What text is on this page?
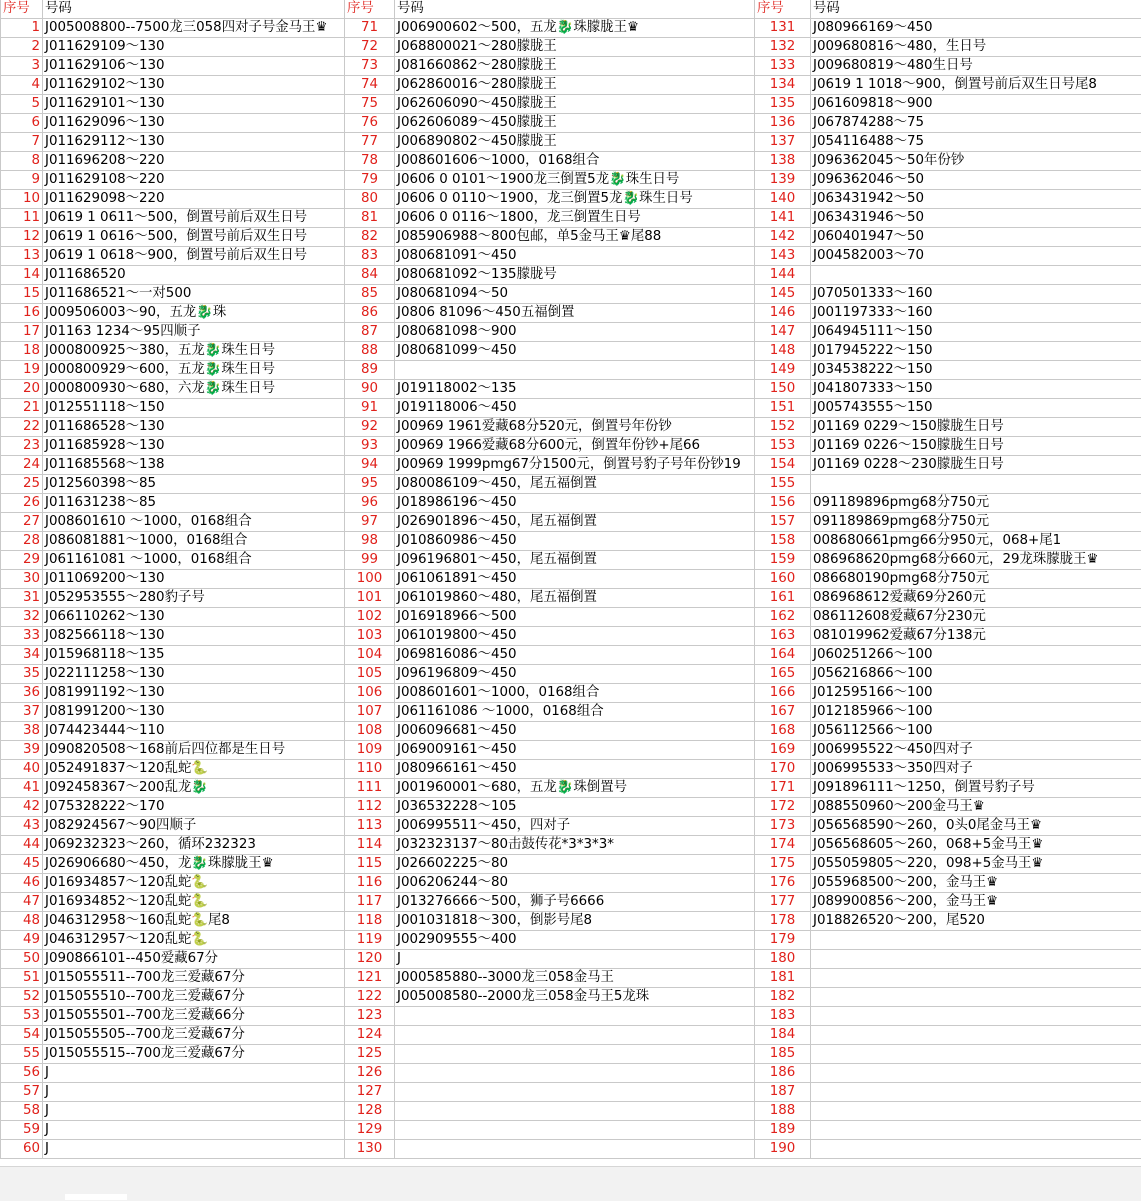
序号	号码	序号	号码	序号	号码
1	J005008800--7500龙三058四对子号金马王♛	71	J006900602～500，五龙🐉珠朦胧王♛	131	J080966169～450
2	J011629109～130	72	J068800021～280朦胧王	132	J009680816～480，生日号
3	J011629106～130	73	J081660862～280朦胧王	133	J009680819～480生日号
4	J011629102～130	74	J062860016～280朦胧王	134	J0619 1 1018～900，倒置号前后双生日号尾8
5	J011629101～130	75	J062606090～450朦胧王	135	J061609818～900
6	J011629096～130	76	J062606089～450朦胧王	136	J067874288～75
7	J011629112～130	77	J006890802～450朦胧王	137	J054116488～75
8	J011696208～220	78	J008601606～1000，0168组合	138	J096362045～50年份钞
9	J011629108～220	79	J0606 0 0101～1900龙三倒置5龙🐉珠生日号	139	J096362046～50
10	J011629098～220	80	J0606 0 0110～1900，龙三倒置5龙🐉珠生日号	140	J063431942～50
11	J0619 1 0611～500，倒置号前后双生日号	81	J0606 0 0116～1800，龙三倒置生日号	141	J063431946～50
12	J0619 1 0616～500，倒置号前后双生日号	82	J085906988～800包邮，单5金马王♛尾88	142	J060401947～50
13	J0619 1 0618～900，倒置号前后双生日号	83	J080681091～450	143	J004582003～70
14	J011686520	84	J080681092～135朦胧号	144	
15	J011686521～一对500	85	J080681094～50	145	J070501333～160
16	J009506003～90，五龙🐉珠	86	J0806 81096～450五福倒置	146	J001197333～160
17	J01163 1234～95四顺子	87	J080681098～900	147	J064945111～150
18	J000800925～380，五龙🐉珠生日号	88	J080681099～450	148	J017945222～150
19	J000800929～600，五龙🐉珠生日号	89		149	J034538222～150
20	J000800930～680，六龙🐉珠生日号	90	J019118002～135	150	J041807333～150
21	J012551118～150	91	J019118006～450	151	J005743555～150
22	J011686528～130	92	J00969 1961爱藏68分520元，倒置号年份钞	152	J01169 0229～150朦胧生日号
23	J011685928～130	93	J00969 1966爱藏68分600元，倒置年份钞+尾66	153	J01169 0226～150朦胧生日号
24	J011685568～138	94	J00969 1999pmg67分1500元，倒置号豹子号年份钞19	154	J01169 0228～230朦胧生日号
25	J012560398～85	95	J080086109～450，尾五福倒置	155	
26	J011631238～85	96	J018986196～450	156	091189896pmg68分750元
27	J008601610 ～1000，0168组合	97	J026901896～450，尾五福倒置	157	091189869pmg68分750元
28	J086081881～1000，0168组合	98	J010860986～450	158	008680661pmg66分950元，068+尾1
29	J061161081 ～1000，0168组合	99	J096196801～450，尾五福倒置	159	086968620pmg68分660元，29龙珠朦胧王♛
30	J011069200～130	100	J061061891～450	160	086680190pmg68分750元
31	J052953555～280豹子号	101	J061019860～480，尾五福倒置	161	086968612爱藏69分260元
32	J066110262～130	102	J016918966～500	162	086112608爱藏67分230元
33	J082566118～130	103	J061019800～450	163	081019962爱藏67分138元
34	J015968118～135	104	J069816086～450	164	J060251266～100
35	J022111258～130	105	J096196809～450	165	J056216866～100
36	J081991192～130	106	J008601601～1000，0168组合	166	J012595166～100
37	J081991200～130	107	J061161086 ～1000，0168组合	167	J012185966～100
38	J074423444～110	108	J006096681～450	168	J056112566～100
39	J090820508～168前后四位都是生日号	109	J069009161～450	169	J006995522～450四对子
40	J052491837～120乱蛇🐍	110	J080966161～450	170	J006995533～350四对子
41	J092458367～200乱龙🐉	111	J001960001～680，五龙🐉珠倒置号	171	J091896111～1250，倒置号豹子号
42	J075328222～170	112	J036532228～105	172	J088550960～200金马王♛
43	J082924567～90四顺子	113	J006995511～450，四对子	173	J056568590～260，0头0尾金马王♛
44	J069232323～260，循环232323	114	J032323137～80击鼓传花*3*3*3*	174	J056568605～260，068+5金马王♛
45	J026906680～450，龙🐉珠朦胧王♛	115	J026602225～80	175	J055059805～220，098+5金马王♛
46	J016934857～120乱蛇🐍	116	J006206244～80	176	J055968500～200，金马王♛
47	J016934852～120乱蛇🐍	117	J013276666～500，狮子号6666	177	J089900856～200，金马王♛
48	J046312958～160乱蛇🐍尾8	118	J001031818～300，倒影号尾8	178	J018826520～200，尾520
49	J046312957～120乱蛇🐍	119	J002909555～400	179	
50	J090866101--450爱藏67分	120	J	180	
51	J015055511--700龙三爱藏67分	121	J000585880--3000龙三058金马王	181	
52	J015055510--700龙三爱藏67分	122	J005008580--2000龙三058金马王5龙珠	182	
53	J015055501--700龙三爱藏66分	123		183	
54	J015055505--700龙三爱藏67分	124		184	
55	J015055515--700龙三爱藏67分	125		185	
56	J	126		186	
57	J	127		187	
58	J	128		188	
59	J	129		189	
60	J	130		190	
